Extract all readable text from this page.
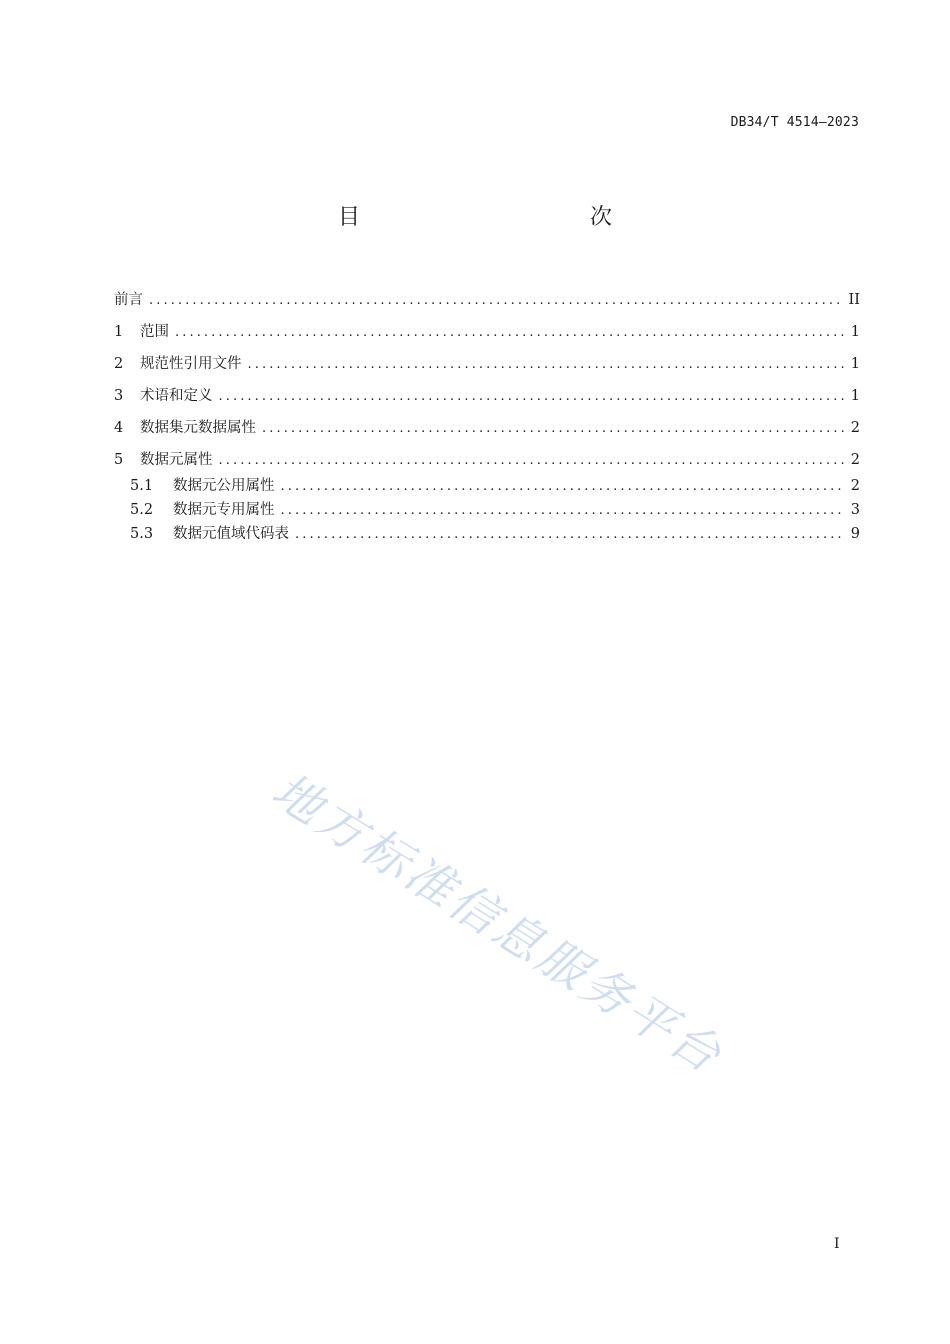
DB34/T 4514—2023
目　　次
前言 .....	II
1	范围 .....	1
2	规范性引用文件 .....	1
3	术语和定义 .....	1
4	数据集元数据属性 .....	2
5	数据元属性 .....	2
5.1	数据元公用属性 .....	2
5.2	数据元专用属性 .....	3
5.3	数据元值域代码表 .....	9
地方标准信息服务平台
I
